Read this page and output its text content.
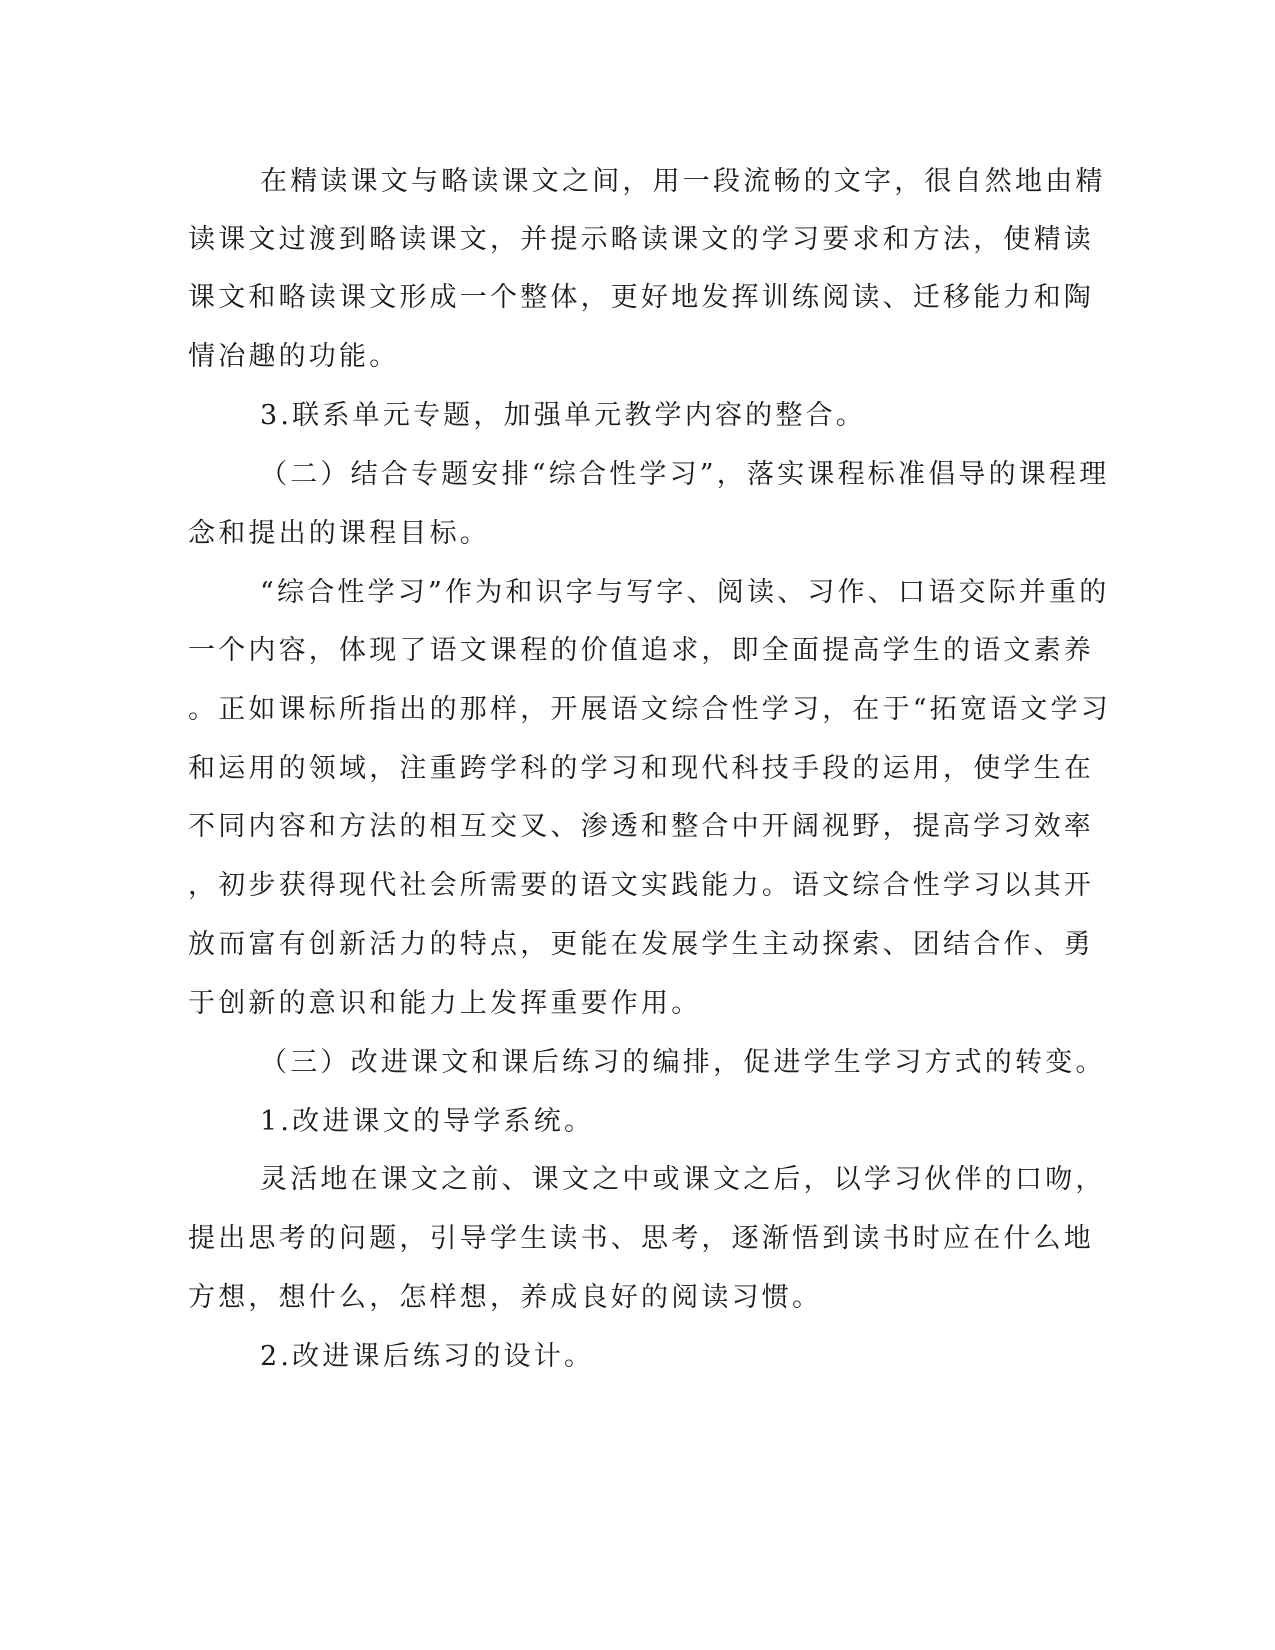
在精读课文与略读课文之间，用一段流畅的文字，很自然地由精

读课文过渡到略读课文，并提示略读课文的学习要求和方法，使精读

课文和略读课文形成一个整体，更好地发挥训练阅读、迁移能力和陶

情冶趣的功能。

3.联系单元专题，加强单元教学内容的整合。

（二）结合专题安排“综合性学习”，落实课程标准倡导的课程理

念和提出的课程目标。

“综合性学习”作为和识字与写字、阅读、习作、口语交际并重的

一个内容，体现了语文课程的价值追求，即全面提高学生的语文素养

。正如课标所指出的那样，开展语文综合性学习，在于“拓宽语文学习

和运用的领域，注重跨学科的学习和现代科技手段的运用，使学生在

不同内容和方法的相互交叉、渗透和整合中开阔视野，提高学习效率

，初步获得现代社会所需要的语文实践能力。语文综合性学习以其开

放而富有创新活力的特点，更能在发展学生主动探索、团结合作、勇

于创新的意识和能力上发挥重要作用。

（三）改进课文和课后练习的编排，促进学生学习方式的转变。

1.改进课文的导学系统。

灵活地在课文之前、课文之中或课文之后，以学习伙伴的口吻，

提出思考的问题，引导学生读书、思考，逐渐悟到读书时应在什么地

方想，想什么，怎样想，养成良好的阅读习惯。

2.改进课后练习的设计。
